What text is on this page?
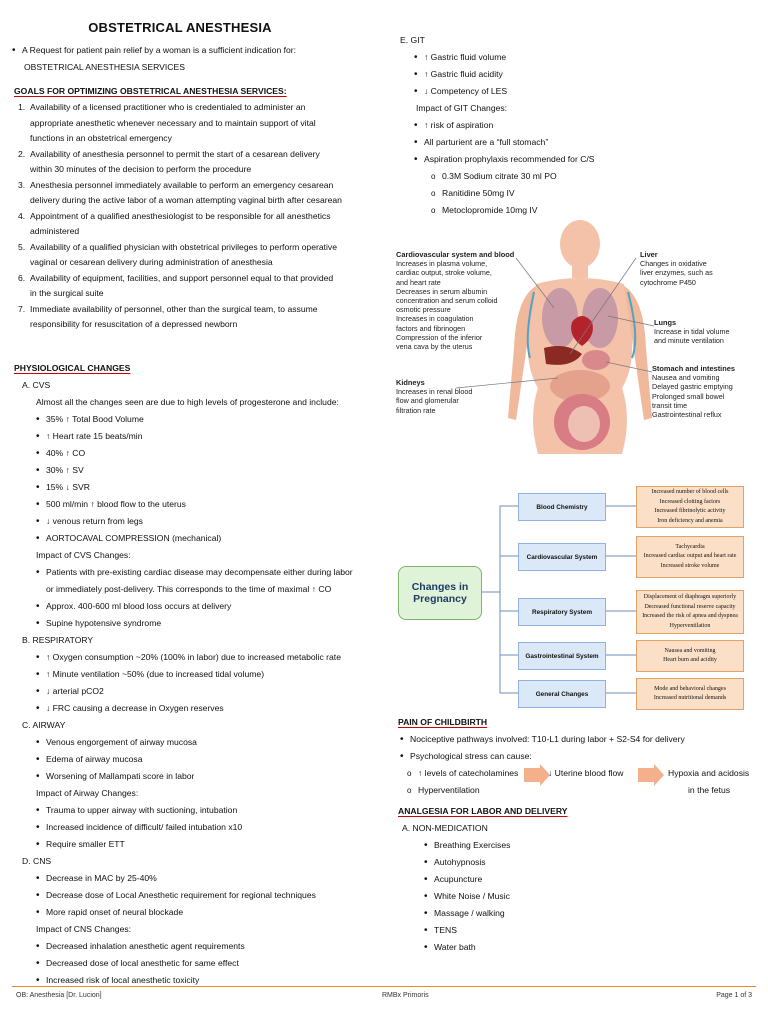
OBSTETRICAL ANESTHESIA
• A Request for patient pain relief by a woman is a sufficient indication for:
OBSTETRICAL ANESTHESIA SERVICES
GOALS FOR OPTIMIZING OBSTETRICAL ANESTHESIA SERVICES:
1. Availability of a licensed practitioner who is credentialed to administer an
appropriate anesthetic whenever necessary and to maintain support of vital
functions in an obstetrical emergency
2. Availability of anesthesia personnel to permit the start of a cesarean delivery
within 30 minutes of the decision to perform the procedure
3. Anesthesia personnel immediately available to perform an emergency cesarean
delivery during the active labor of a woman attempting vaginal birth after cesarean
4. Appointment of a qualified anesthesiologist to be responsible for all anesthetics
administered
5. Availability of a qualified physician with obstetrical privileges to perform operative
vaginal or cesarean delivery during administration of anesthesia
6. Availability of equipment, facilities, and support personnel equal to that provided
in the surgical suite
7. Immediate availability of personnel, other than the surgical team, to assume
responsibility for resuscitation of a depressed newborn
PHYSIOLOGICAL CHANGES
A. CVS
Almost all the changes seen are due to high levels of progesterone and include:
• 35% ↑ Total Bood Volume
• ↑ Heart rate 15 beats/min
• 40% ↑ CO
• 30% ↑ SV
• 15% ↓ SVR
• 500 ml/min ↑ blood flow to the uterus
• ↓ venous return from legs
• AORTOCAVAL COMPRESSION (mechanical)
Impact of CVS Changes:
• Patients with pre-existing cardiac disease may decompensate either during labor
or immediately post-delivery. This corresponds to the time of maximal ↑ CO
• Approx. 400-600 ml blood loss occurs at delivery
• Supine hypotensive syndrome
B. RESPIRATORY
• ↑ Oxygen consumption ~20% (100% in labor) due to increased metabolic rate
• ↑ Minute ventilation ~50% (due to increased tidal volume)
• ↓ arterial pCO2
• ↓ FRC causing a decrease in Oxygen reserves
C. AIRWAY
• Venous engorgement of airway mucosa
• Edema of airway mucosa
• Worsening of Mallampati score in labor
Impact of Airway Changes:
• Trauma to upper airway with suctioning, intubation
• Increased incidence of difficult/ failed intubation x10
• Require smaller ETT
D. CNS
• Decrease in MAC by 25-40%
• Decrease dose of Local Anesthetic requirement for regional techniques
• More rapid onset of neural blockade
Impact of CNS Changes:
• Decreased inhalation anesthetic agent requirements
• Decreased dose of local anesthetic for same effect
• Increased risk of local anesthetic toxicity
E. GIT
• ↑ Gastric fluid volume
• ↑ Gastric fluid acidity
• ↓ Competency of LES
Impact of GIT Changes:
• ↑ risk of aspiration
• All parturient are a “full stomach”
• Aspiration prophylaxis recommended for C/S
o 0.3M Sodium citrate 30 ml PO
o Ranitidine 50mg IV
o Metoclopromide 10mg IV
Cardiovascular system and blood
Increases in plasma volume,
cardiac output, stroke volume,
and heart rate
Decreases in serum albumin
concentration and serum colloid
osmotic pressure
Increases in coagulation
factors and fibrinogen
Compression of the inferior
vena cava by the uterus
Kidneys
Increases in renal blood
flow and glomerular
filtration rate
Liver
Changes in oxidative
liver enzymes, such as
cytochrome P450
Lungs
Increase in tidal volume
and minute ventilation
Stomach and intestines
Nausea and vomiting
Delayed gastric emptying
Prolonged small bowel
transit time
Gastrointestinal reflux
Changes in Pregnancy
Blood Chemistry
Increased number of blood cells
Increased clotting factors
Increased fibrinolytic activity
Iron deficiency and anemia
Cardiovascular System
Tachycardia
Increased cardiac output and heart rate
Increased stroke volume
Respiratory System
Displacement of diaphragm superiorly
Decreased functional reserve capacity
Increased the risk of apnea and dyspnea
Hyperventilation
Gastrointestinal System
Nausea and vomiting
Heart burn and acidity
General Changes
Mode and behavioral changes
Increased nutritional demands
PAIN OF CHILDBIRTH
• Nociceptive pathways involved: T10-L1 during labor + S2-S4 for delivery
• Psychological stress can cause:
o ↑ levels of catecholamines
o Hyperventilation
↓ Uterine blood flow	Hypoxia and acidosis
in the fetus
ANALGESIA FOR LABOR AND DELIVERY
A. NON-MEDICATION
• Breathing Exercises
• Autohypnosis
• Acupuncture
• White Noise / Music
• Massage / walking
• TENS
• Water bath
OB: Anesthesia [Dr. Lucion]	RMBx Primoris	Page 1 of 3
